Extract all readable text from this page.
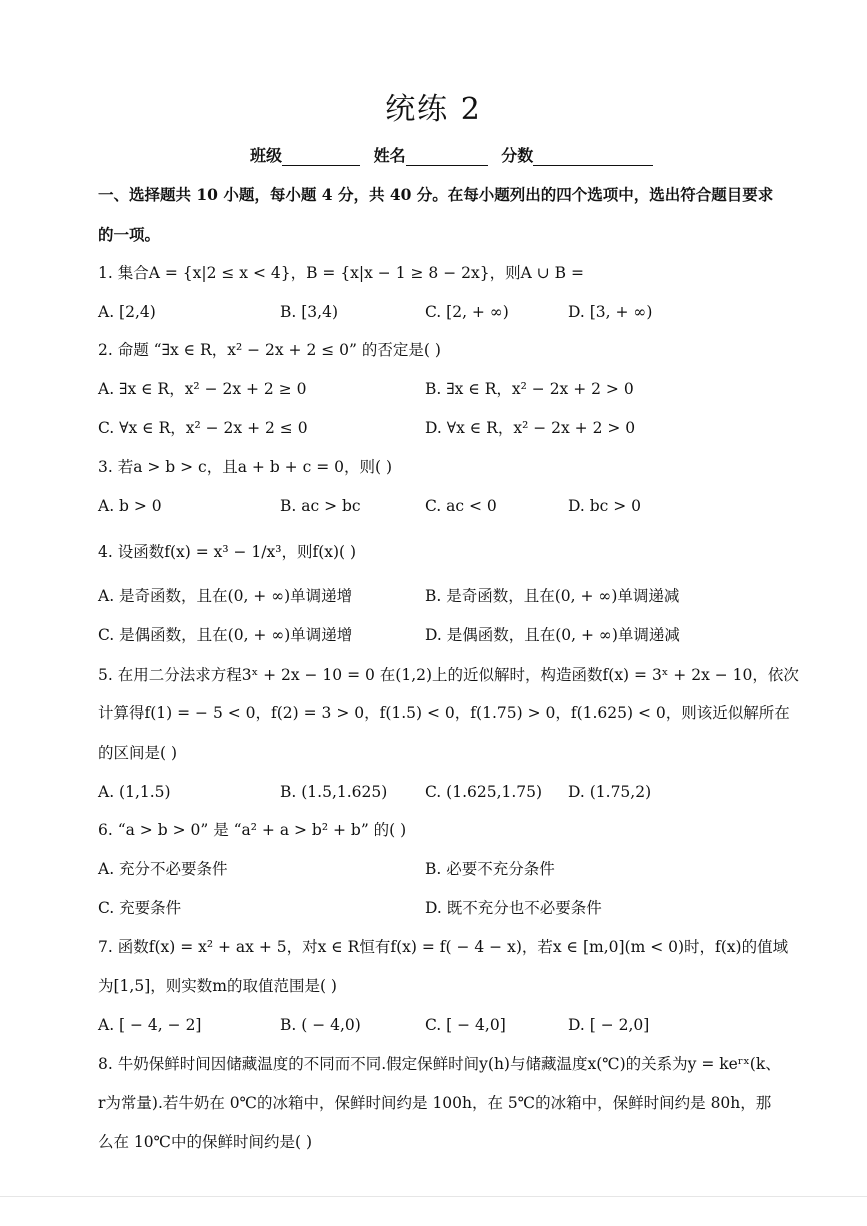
统练 2
班级	姓名	分数
一、选择题共 10 小题，每小题 4 分，共 40 分。在每小题列出的四个选项中，选出符合题目要求
的一项。
1. 集合A = {x|2 ≤ x < 4}，B = {x|x − 1 ≥ 8 − 2x}，则A ∪ B =
A. [2,4)	B. [3,4)	C. [2, + ∞)	D. [3, + ∞)
2. 命题 “∃x ∈ R，x² − 2x + 2 ≤ 0” 的否定是( )
A. ∃x ∈ R，x² − 2x + 2 ≥ 0	B. ∃x ∈ R，x² − 2x + 2 > 0
C. ∀x ∈ R，x² − 2x + 2 ≤ 0	D. ∀x ∈ R，x² − 2x + 2 > 0
3. 若a > b > c，且a + b + c = 0，则( )
A. b > 0	B. ac > bc	C. ac < 0	D. bc > 0
4. 设函数f(x) = x³ − 1/x³，则f(x)( )
A. 是奇函数，且在(0, + ∞)单调递增	B. 是奇函数，且在(0, + ∞)单调递减
C. 是偶函数，且在(0, + ∞)单调递增	D. 是偶函数，且在(0, + ∞)单调递减
5. 在用二分法求方程3ˣ + 2x − 10 = 0 在(1,2)上的近似解时，构造函数f(x) = 3ˣ + 2x − 10，依次
计算得f(1) = − 5 < 0，f(2) = 3 > 0，f(1.5) < 0，f(1.75) > 0，f(1.625) < 0，则该近似解所在
的区间是( )
A. (1,1.5)	B. (1.5,1.625) C. (1.625,1.75) D. (1.75,2)
6. “a > b > 0” 是 “a² + a > b² + b” 的( )
A. 充分不必要条件	B. 必要不充分条件
C. 充要条件	D. 既不充分也不必要条件
7. 函数f(x) = x² + ax + 5，对x ∈ R恒有f(x) = f( − 4 − x)，若x ∈ [m,0](m < 0)时，f(x)的值域
为[1,5]，则实数m的取值范围是( )
A. [ − 4, − 2]	B. ( − 4,0)	C. [ − 4,0]	D. [ − 2,0]
8. 牛奶保鲜时间因储藏温度的不同而不同.假定保鲜时间y(h)与储藏温度x(℃)的关系为y = keʳˣ(k、
r为常量).若牛奶在 0℃的冰箱中，保鲜时间约是 100h，在 5℃的冰箱中，保鲜时间约是 80h，那
么在 10℃中的保鲜时间约是( )
